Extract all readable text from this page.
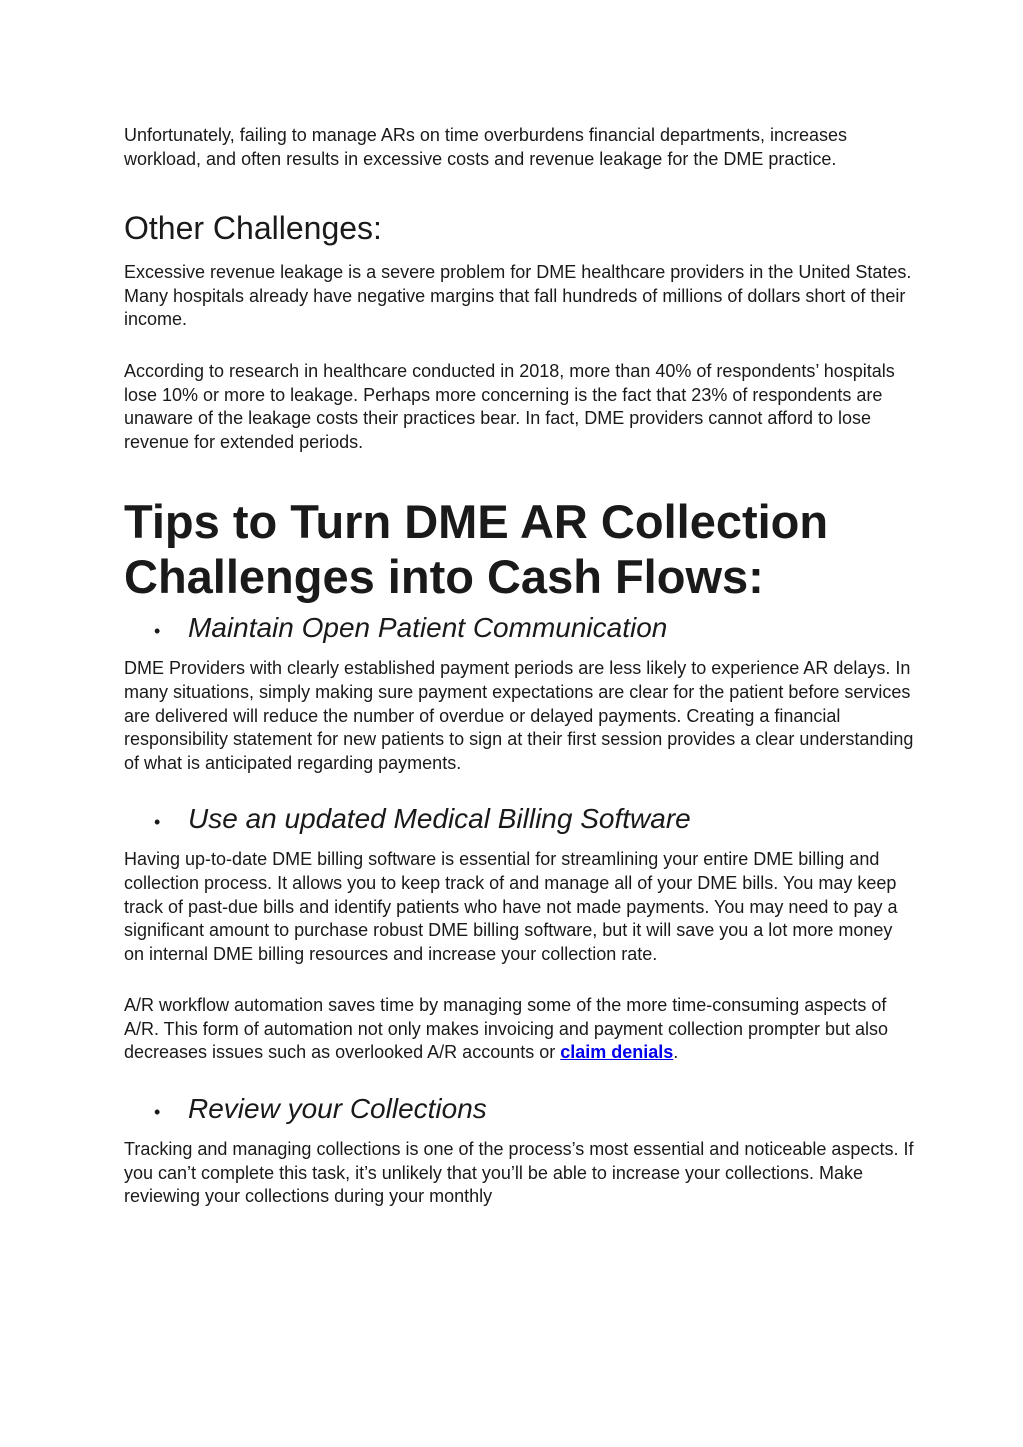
Unfortunately, failing to manage ARs on time overburdens financial departments, increases workload, and often results in excessive costs and revenue leakage for the DME practice.

Other Challenges:

Excessive revenue leakage is a severe problem for DME healthcare providers in the United States. Many hospitals already have negative margins that fall hundreds of millions of dollars short of their income.

According to research in healthcare conducted in 2018, more than 40% of respondents’ hospitals lose 10% or more to leakage. Perhaps more concerning is the fact that 23% of respondents are unaware of the leakage costs their practices bear. In fact, DME providers cannot afford to lose revenue for extended periods.

Tips to Turn DME AR Collection Challenges into Cash Flows:
• Maintain Open Patient Communication

DME Providers with clearly established payment periods are less likely to experience AR delays. In many situations, simply making sure payment expectations are clear for the patient before services are delivered will reduce the number of overdue or delayed payments. Creating a financial responsibility statement for new patients to sign at their first session provides a clear understanding of what is anticipated regarding payments.

• Use an updated Medical Billing Software

Having up-to-date DME billing software is essential for streamlining your entire DME billing and collection process. It allows you to keep track of and manage all of your DME bills. You may keep track of past-due bills and identify patients who have not made payments. You may need to pay a significant amount to purchase robust DME billing software, but it will save you a lot more money on internal DME billing resources and increase your collection rate.

A/R workflow automation saves time by managing some of the more time-consuming aspects of A/R. This form of automation not only makes invoicing and payment collection prompter but also decreases issues such as overlooked A/R accounts or claim denials.

• Review your Collections

Tracking and managing collections is one of the process’s most essential and noticeable aspects. If you can’t complete this task, it’s unlikely that you’ll be able to increase your collections. Make reviewing your collections during your monthly
